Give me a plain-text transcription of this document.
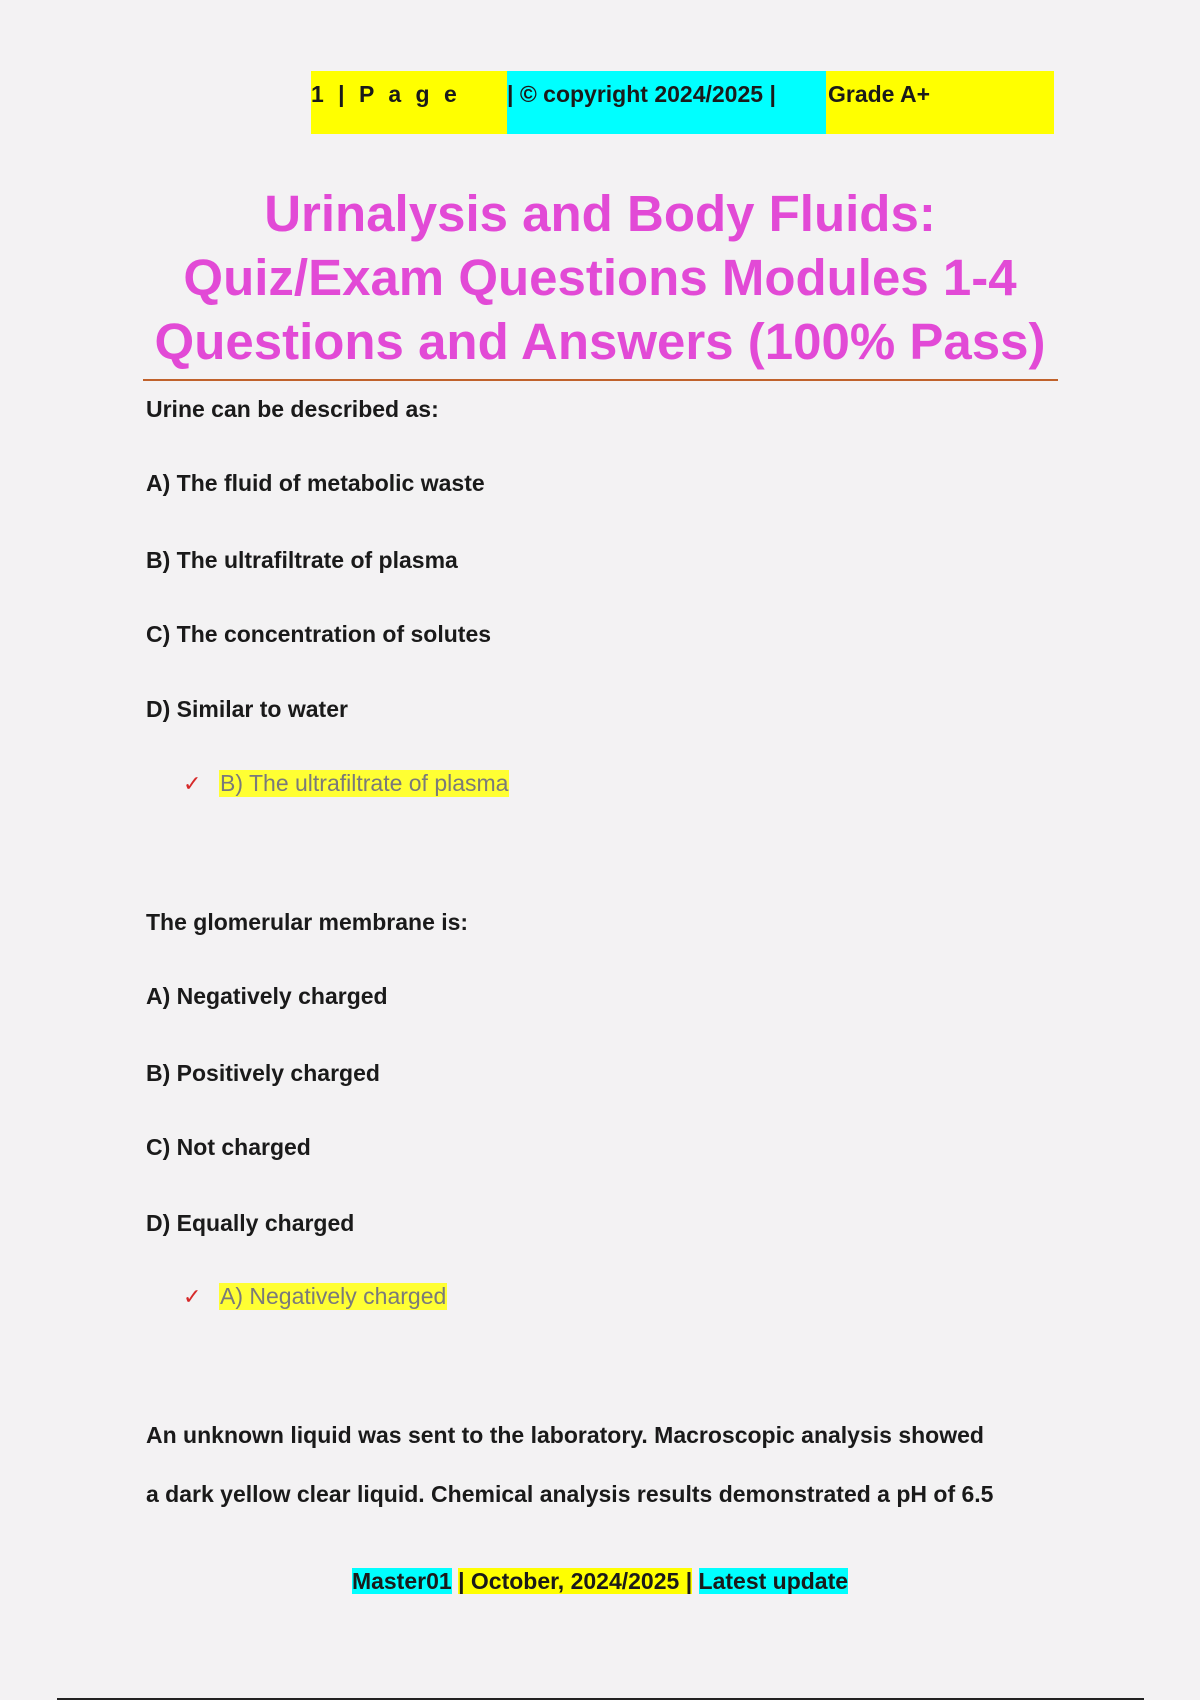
1 | P a g e	| © copyright 2024/2025 |	Grade A+
Urinalysis and Body Fluids:
Quiz/Exam Questions Modules 1-4
Questions and Answers (100% Pass)

Urine can be described as:

A) The fluid of metabolic waste

B) The ultrafiltrate of plasma

C) The concentration of solutes

D) Similar to water

✓ B) The ultrafiltrate of plasma

The glomerular membrane is:

A) Negatively charged

B) Positively charged

C) Not charged

D) Equally charged

✓ A) Negatively charged

An unknown liquid was sent to the laboratory. Macroscopic analysis showed

a dark yellow clear liquid. Chemical analysis results demonstrated a pH of 6.5

Master01 | October, 2024/2025 | Latest update
